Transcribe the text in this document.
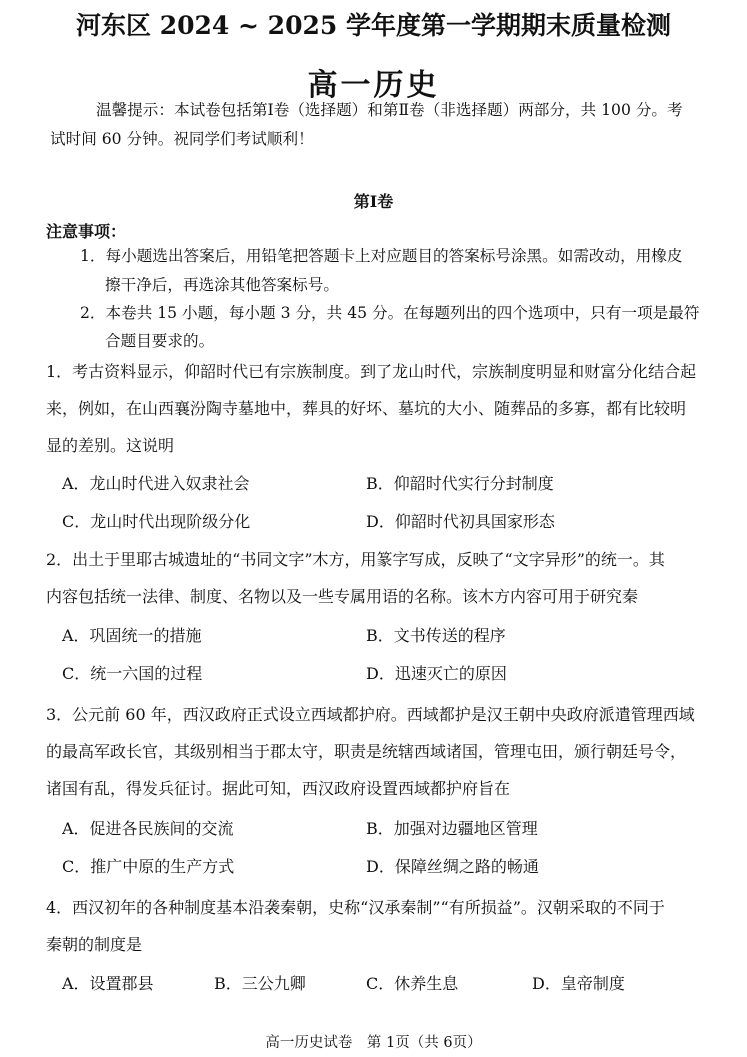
河东区 2024 ~ 2025 学年度第一学期期末质量检测
高一历史
温馨提示：本试卷包括第Ⅰ卷（选择题）和第Ⅱ卷（非选择题）两部分，共 100 分。考
试时间 60 分钟。祝同学们考试顺利！
第Ⅰ卷
注意事项：
1．每小题选出答案后，用铅笔把答题卡上对应题目的答案标号涂黑。如需改动，用橡皮
擦干净后，再选涂其他答案标号。
2．本卷共 15 小题，每小题 3 分，共 45 分。在每题列出的四个选项中，只有一项是最符
合题目要求的。
1．考古资料显示，仰韶时代已有宗族制度。到了龙山时代，宗族制度明显和财富分化结合起
来，例如，在山西襄汾陶寺墓地中，葬具的好坏、墓坑的大小、随葬品的多寡，都有比较明
显的差别。这说明
A．龙山时代进入奴隶社会	B．仰韶时代实行分封制度
C．龙山时代出现阶级分化	D．仰韶时代初具国家形态
2．出土于里耶古城遗址的“书同文字”木方，用篆字写成，反映了“文字异形”的统一。其
内容包括统一法律、制度、名物以及一些专属用语的名称。该木方内容可用于研究秦
A．巩固统一的措施	B．文书传送的程序
C．统一六国的过程	D．迅速灭亡的原因
3．公元前 60 年，西汉政府正式设立西域都护府。西域都护是汉王朝中央政府派遣管理西域
的最高军政长官，其级别相当于郡太守，职责是统辖西域诸国，管理屯田，颁行朝廷号令，
诸国有乱，得发兵征讨。据此可知，西汉政府设置西域都护府旨在
A．促进各民族间的交流	B．加强对边疆地区管理
C．推广中原的生产方式	D．保障丝绸之路的畅通
4．西汉初年的各种制度基本沿袭秦朝，史称“汉承秦制”“有所损益”。汉朝采取的不同于
秦朝的制度是
A．设置郡县	B．三公九卿	C．休养生息	D．皇帝制度
高一历史试卷　第 1页（共 6页）
